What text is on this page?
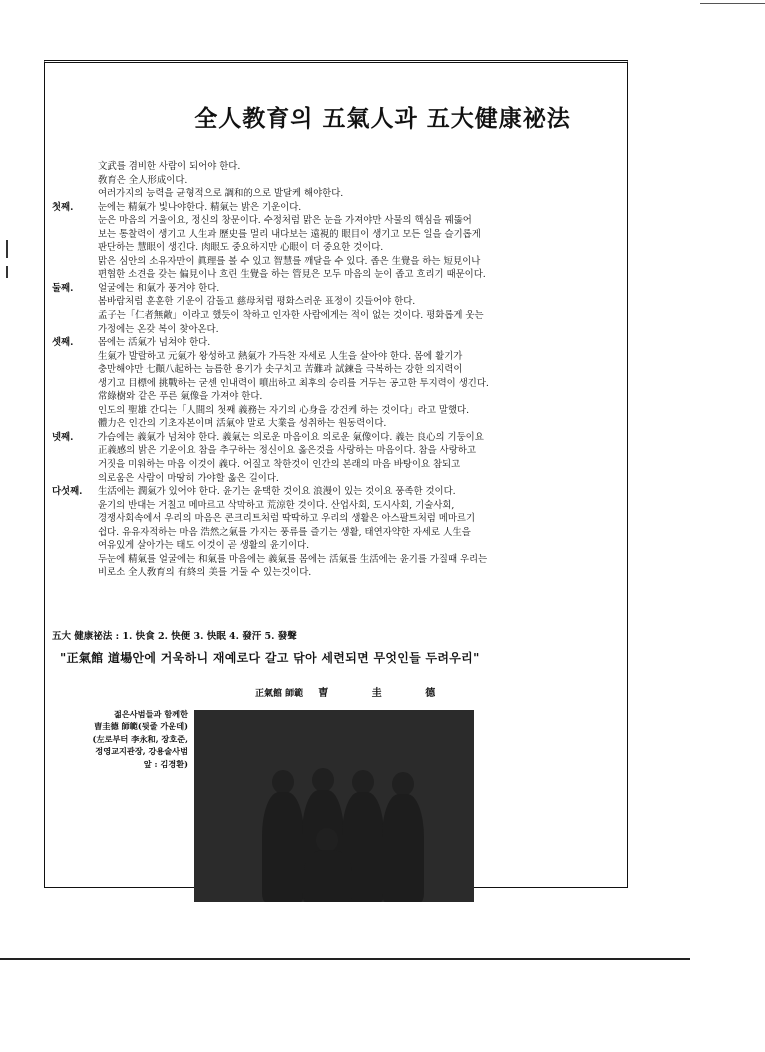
全人教育의 五氣人과 五大健康祕法
文武를 겸비한 사람이 되어야 한다.
敎育은 全人形成이다.
여러가지의 능력을 균형적으로 調和的으로 발달케 해야한다.
첫째.	눈에는 精氣가 빛나야한다. 精氣는 밝은 기운이다.
눈은 마음의 거울이요, 정신의 창문이다. 수정처럼 맑은 눈을 가져야만 사물의 핵심을 꿰뚫어
보는 통찰력이 생기고 人生과 歷史를 멀리 내다보는 遠視的 眼目이 생기고 모든 일을 슬기롭게
판단하는 慧眼이 생긴다. 肉眼도 중요하지만 心眼이 더 중요한 것이다.
맑은 심안의 소유자만이 眞理를 볼 수 있고 智慧를 깨달을 수 있다. 좁은 生覺을 하는 短見이나
편협한 소견을 갖는 偏見이나 흐린 生覺을 하는 管見은 모두 마음의 눈이 좁고 흐리기 때문이다.
둘째.	얼굴에는 和氣가 풍겨야 한다.
봄바람처럼 훈훈한 기운이 감돌고 慈母처럼 평화스러운 표정이 깃들어야 한다.
孟子는「仁者無敵」이라고 했듯이 착하고 인자한 사람에게는 적이 없는 것이다. 평화롭게 웃는
가정에는 온갖 복이 찾아온다.
셋째.	몸에는 活氣가 넘쳐야 한다.
生氣가 발랄하고 元氣가 왕성하고 熱氣가 가득찬 자세로 人生을 살아야 한다. 몸에 활기가
충만해야만 七顚八起하는 늠름한 용기가 솟구치고 苦難과 試鍊을 극복하는 강한 의지력이
생기고 目標에 挑戰하는 굳센 인내력이 噴出하고 최후의 승리를 거두는 공고한 투지력이 생긴다.
常綠樹와 같은 푸른 氣像을 가져야 한다.
인도의 聖雄 간디는「人間의 첫째 義務는 자기의 心身을 강건케 하는 것이다」라고 말했다.
體力은 인간의 기초자본이며 活氣야 말로 大業을 성취하는 원동력이다.
넷째.	가슴에는 義氣가 넘쳐야 한다. 義氣는 의로운 마음이요 의로운 氣像이다. 義는 良心의 기둥이요
正義感의 밝은 기운이요 참을 추구하는 정신이요 옳은것을 사랑하는 마음이다. 참을 사랑하고
거짓을 미워하는 마음 이것이 義다. 어질고 착한것이 인간의 본래의 마음 바탕이요 참되고
의로움은 사람이 마땅히 가야할 옳은 길이다.
다섯째.	生活에는 潤氣가 있어야 한다. 윤기는 윤택한 것이요 浪漫이 있는 것이요 풍족한 것이다.
윤기의 반대는 거칠고 메마르고 삭막하고 荒涼한 것이다. 산업사회, 도시사회, 기술사회,
경쟁사회속에서 우리의 마음은 콘크리트처럼 딱딱하고 우리의 생활은 아스팔트처럼 메마르기
쉽다. 유유자적하는 마음 浩然之氣를 가지는 풍류를 즐기는 생활, 태연자약한 자세로 人生을
여유있게 살아가는 태도 이것이 곧 생활의 윤기이다.
두눈에 精氣를 얼굴에는 和氣를 마음에는 義氣를 몸에는 活氣를 生活에는 윤기를 가질때 우리는
비로소 全人敎育의 有終의 美를 거둘 수 있는것이다.
五大 健康祕法 : 1. 快食 2. 快便 3. 快眠 4. 發汗 5. 發聲
"正氣館 道場안에 거욱하니 재예로다 갈고 닦아 세련되면 무엇인들 두려우리"
正氣館 師範 曺 圭 德
젊은사범들과 함께한
曺圭德 師範(뒷줄 가운데)
(左로부터 李永和, 장호준,
정영교지관장, 강용술사범
앞 : 김경환)
